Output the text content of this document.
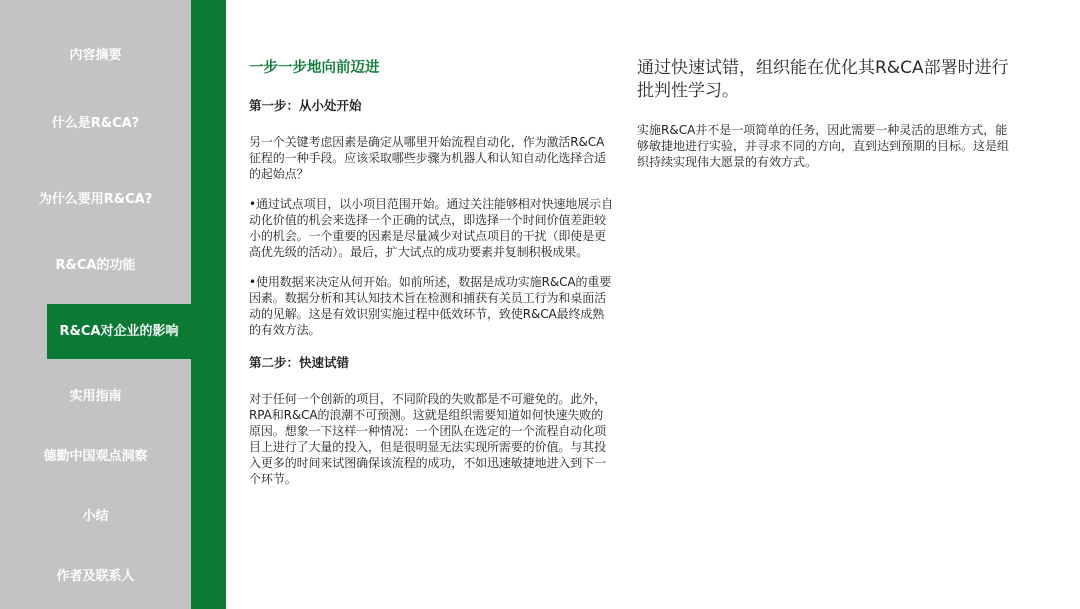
内容摘要
什么是R&CA?
为什么要用R&CA?
R&CA的功能
R&CA对企业的影响
实用指南
德勤中国观点洞察
小结
作者及联系人
一步一步地向前迈进
第一步：从小处开始

另一个关键考虑因素是确定从哪里开始流程自动化，作为激活R&CA征程的一种手段。应该采取哪些步骤为机器人和认知自动化选择合适的起始点？

•通过试点项目，以小项目范围开始。通过关注能够相对快速地展示自动化价值的机会来选择一个正确的试点，即选择一个时间价值差距较小的机会。一个重要的因素是尽量减少对试点项目的干扰（即使是更高优先级的活动）。最后，扩大试点的成功要素并复制积极成果。

•使用数据来决定从何开始。如前所述，数据是成功实施R&CA的重要因素。数据分析和其认知技术旨在检测和捕获有关员工行为和桌面活动的见解。这是有效识别实施过程中低效环节，致使R&CA最终成熟的有效方法。

第二步：快速试错

对于任何一个创新的项目，不同阶段的失败都是不可避免的。此外，RPA和R&CA的浪潮不可预测。这就是组织需要知道如何快速失败的原因。想象一下这样一种情况：一个团队在选定的一个流程自动化项目上进行了大量的投入，但是很明显无法实现所需要的价值。与其投入更多的时间来试图确保该流程的成功，不如迅速敏捷地进入到下一个环节。

通过快速试错，组织能在优化其R&CA部署时进行批判性学习。

实施R&CA并不是一项简单的任务，因此需要一种灵活的思维方式，能够敏捷地进行实验，并寻求不同的方向，直到达到预期的目标。这是组织持续实现伟大愿景的有效方式。
